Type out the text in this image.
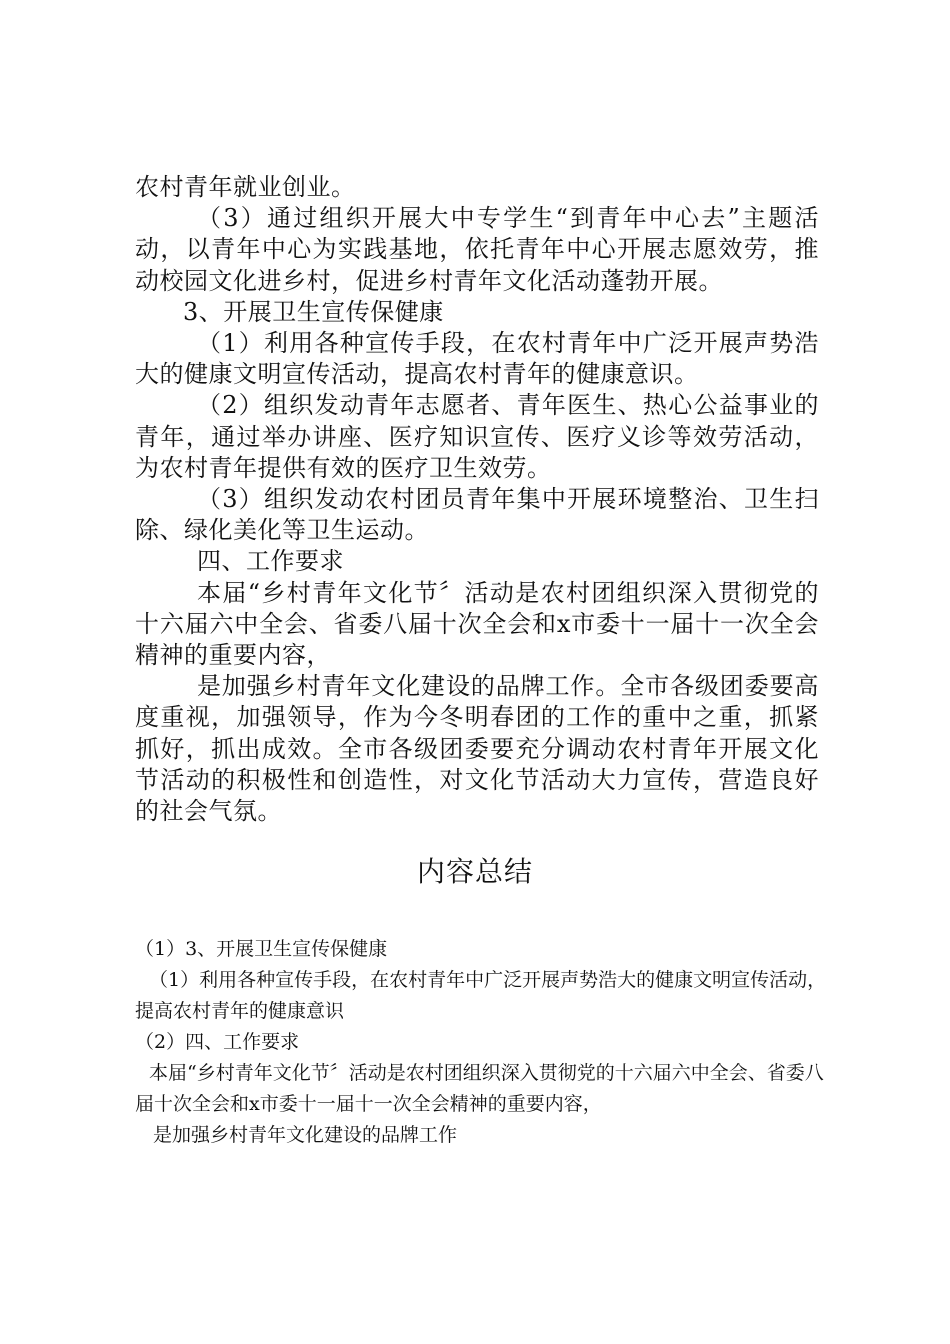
农村青年就业创业。

（3）通过组织开展大中专学生“到青年中心去”主题活动，以青年中心为实践基地，依托青年中心开展志愿效劳，推动校园文化进乡村，促进乡村青年文化活动蓬勃开展。

3、开展卫生宣传保健康

（1）利用各种宣传手段，在农村青年中广泛开展声势浩大的健康文明宣传活动，提高农村青年的健康意识。

（2）组织发动青年志愿者、青年医生、热心公益事业的青年，通过举办讲座、医疗知识宣传、医疗义诊等效劳活动，为农村青年提供有效的医疗卫生效劳。

（3）组织发动农村团员青年集中开展环境整治、卫生扫除、绿化美化等卫生运动。

四、工作要求

本届“乡村青年文化节〞活动是农村团组织深入贯彻党的十六届六中全会、省委八届十次全会和x市委十一届十一次全会精神的重要内容，

是加强乡村青年文化建设的品牌工作。全市各级团委要高度重视，加强领导，作为今冬明春团的工作的重中之重，抓紧抓好，抓出成效。全市各级团委要充分调动农村青年开展文化节活动的积极性和创造性，对文化节活动大力宣传，营造良好的社会气氛。

内容总结

（1）3、开展卫生宣传保健康

（1）利用各种宣传手段，在农村青年中广泛开展声势浩大的健康文明宣传活动，提高农村青年的健康意识

（2）四、工作要求

本届“乡村青年文化节〞活动是农村团组织深入贯彻党的十六届六中全会、省委八届十次全会和x市委十一届十一次全会精神的重要内容，

是加强乡村青年文化建设的品牌工作
